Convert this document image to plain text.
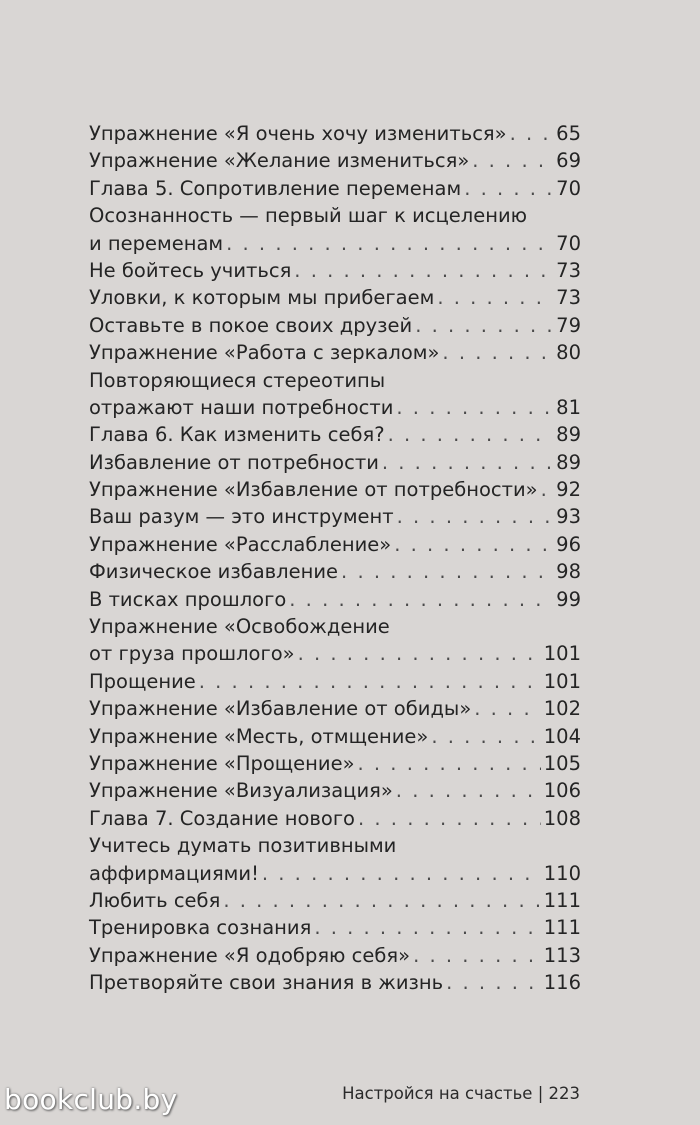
Упражнение «Я очень хочу измениться» . . .	65
Упражнение «Желание измениться» . . .	69
Глава 5. Сопротивление переменам . . .	70
Осознанность — первый шаг к исцелению
и переменам . . .	70
Не бойтесь учиться . . .	73
Уловки, к которым мы прибегаем . . .	73
Оставьте в покое своих друзей . . .	79
Упражнение «Работа с зеркалом» . . .	80
Повторяющиеся стереотипы
отражают наши потребности . . .	81
Глава 6. Как изменить себя? . . .	89
Избавление от потребности . . .	89
Упражнение «Избавление от потребности» . . . 92
Ваш разум — это инструмент . . .	93
Упражнение «Расслабление» . . .	96
Физическое избавление . . .	98
В тисках прошлого . . .	99
Упражнение «Освобождение
от груза прошлого» . . .	101
Прощение . . .	101
Упражнение «Избавление от обиды» . . .	102
Упражнение «Месть, отмщение» . . .	104
Упражнение «Прощение» . . .	105
Упражнение «Визуализация» . . .	106
Глава 7. Создание нового . . .	108
Учитесь думать позитивными
аффирмациями! . . .	110
Любить себя . . .	111
Тренировка сознания . . .	111
Упражнение «Я одобряю себя» . . .	113
Претворяйте свои знания в жизнь . . .	116
Настройся на счастье | 223
bookclub.by
